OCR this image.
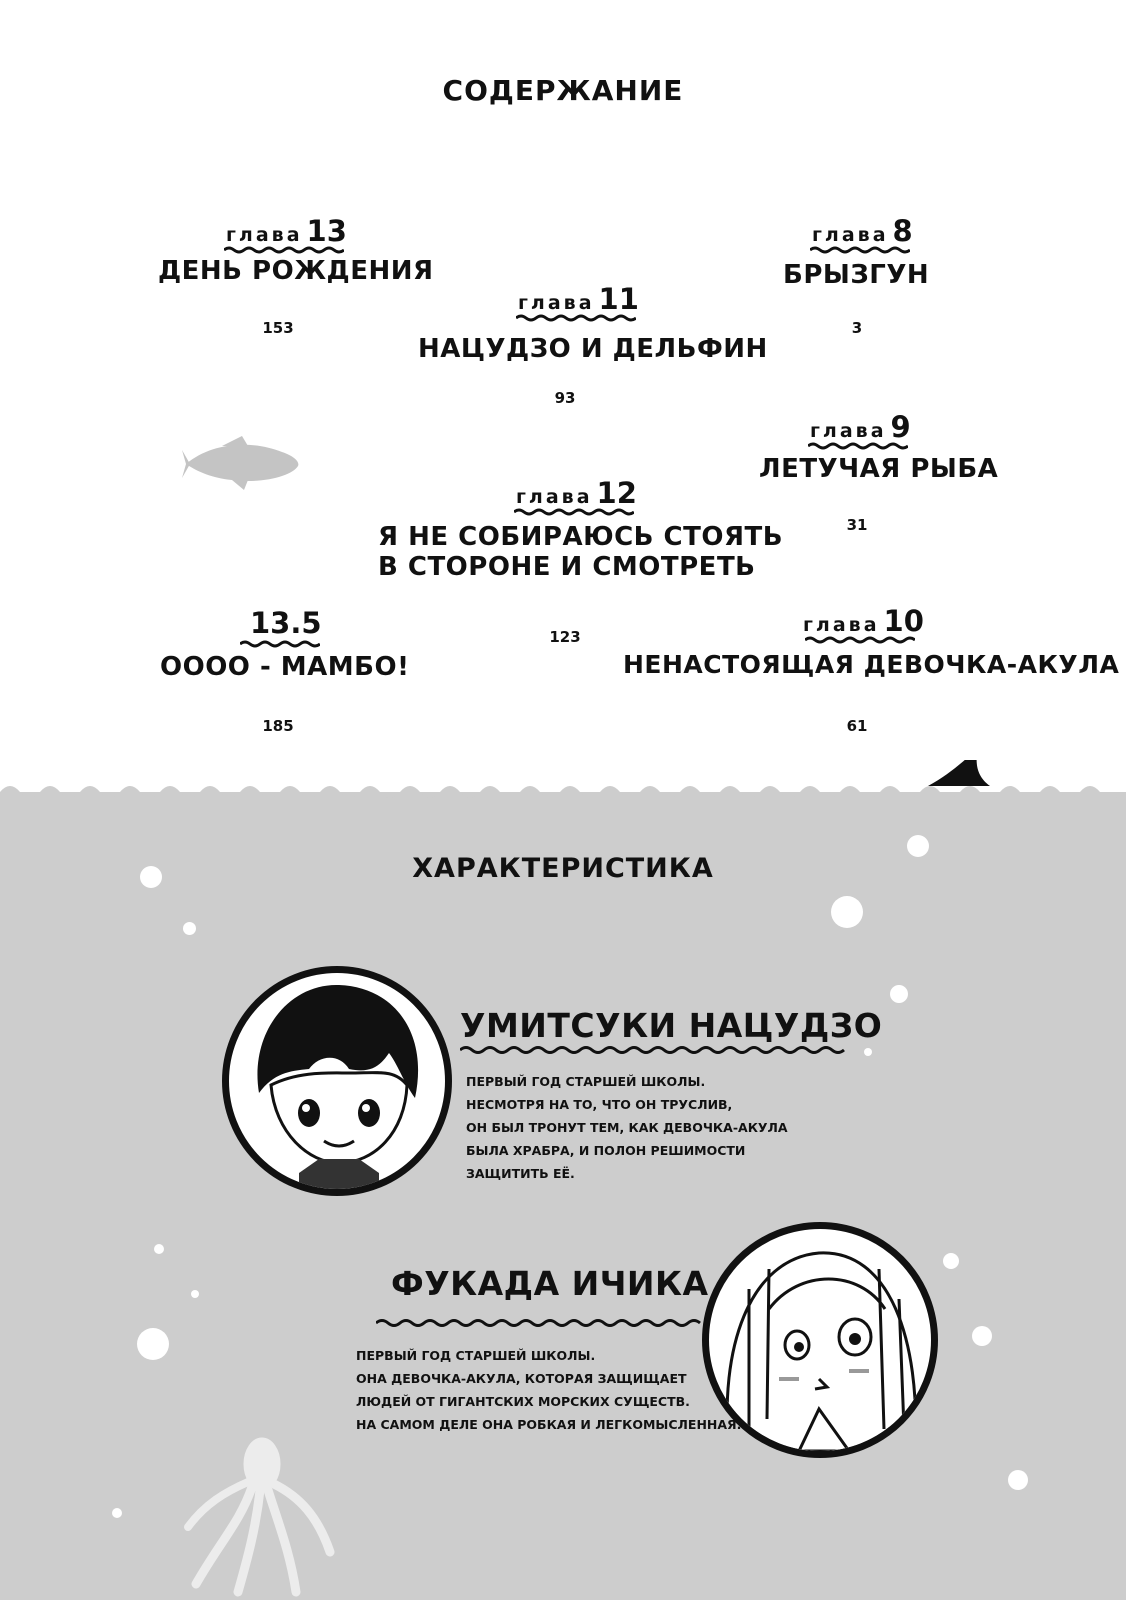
СОДЕРЖАНИЕ
глава 13
ДЕНЬ РОЖДЕНИЯ
153
глава 8
БРЫЗГУН
3
глава 11
НАЦУДЗО И ДЕЛЬФИН
93
глава 9
ЛЕТУЧАЯ РЫБА
31
глава 12
Я НЕ СОБИРАЮСЬ СТОЯТЬ
В СТОРОНЕ И СМОТРЕТЬ
123
13.5
ОООО - МАМБО!
185
глава 10
НЕНАСТОЯЩАЯ ДЕВОЧКА-АКУЛА
61
ХАРАКТЕРИСТИКА
УМИТСУКИ НАЦУДЗО
ПЕРВЫЙ ГОД СТАРШЕЙ ШКОЛЫ.
НЕСМОТРЯ НА ТО, ЧТО ОН ТРУСЛИВ,
ОН БЫЛ ТРОНУТ ТЕМ, КАК ДЕВОЧКА-АКУЛА
БЫЛА ХРАБРА, И ПОЛОН РЕШИМОСТИ
ЗАЩИТИТЬ ЕЁ.
ФУКАДА ИЧИКА
ПЕРВЫЙ ГОД СТАРШЕЙ ШКОЛЫ.
ОНА ДЕВОЧКА-АКУЛА, КОТОРАЯ ЗАЩИЩАЕТ
ЛЮДЕЙ ОТ ГИГАНТСКИХ МОРСКИХ СУЩЕСТВ.
НА САМОМ ДЕЛЕ ОНА РОБКАЯ И ЛЕГКОМЫСЛЕННАЯ.
